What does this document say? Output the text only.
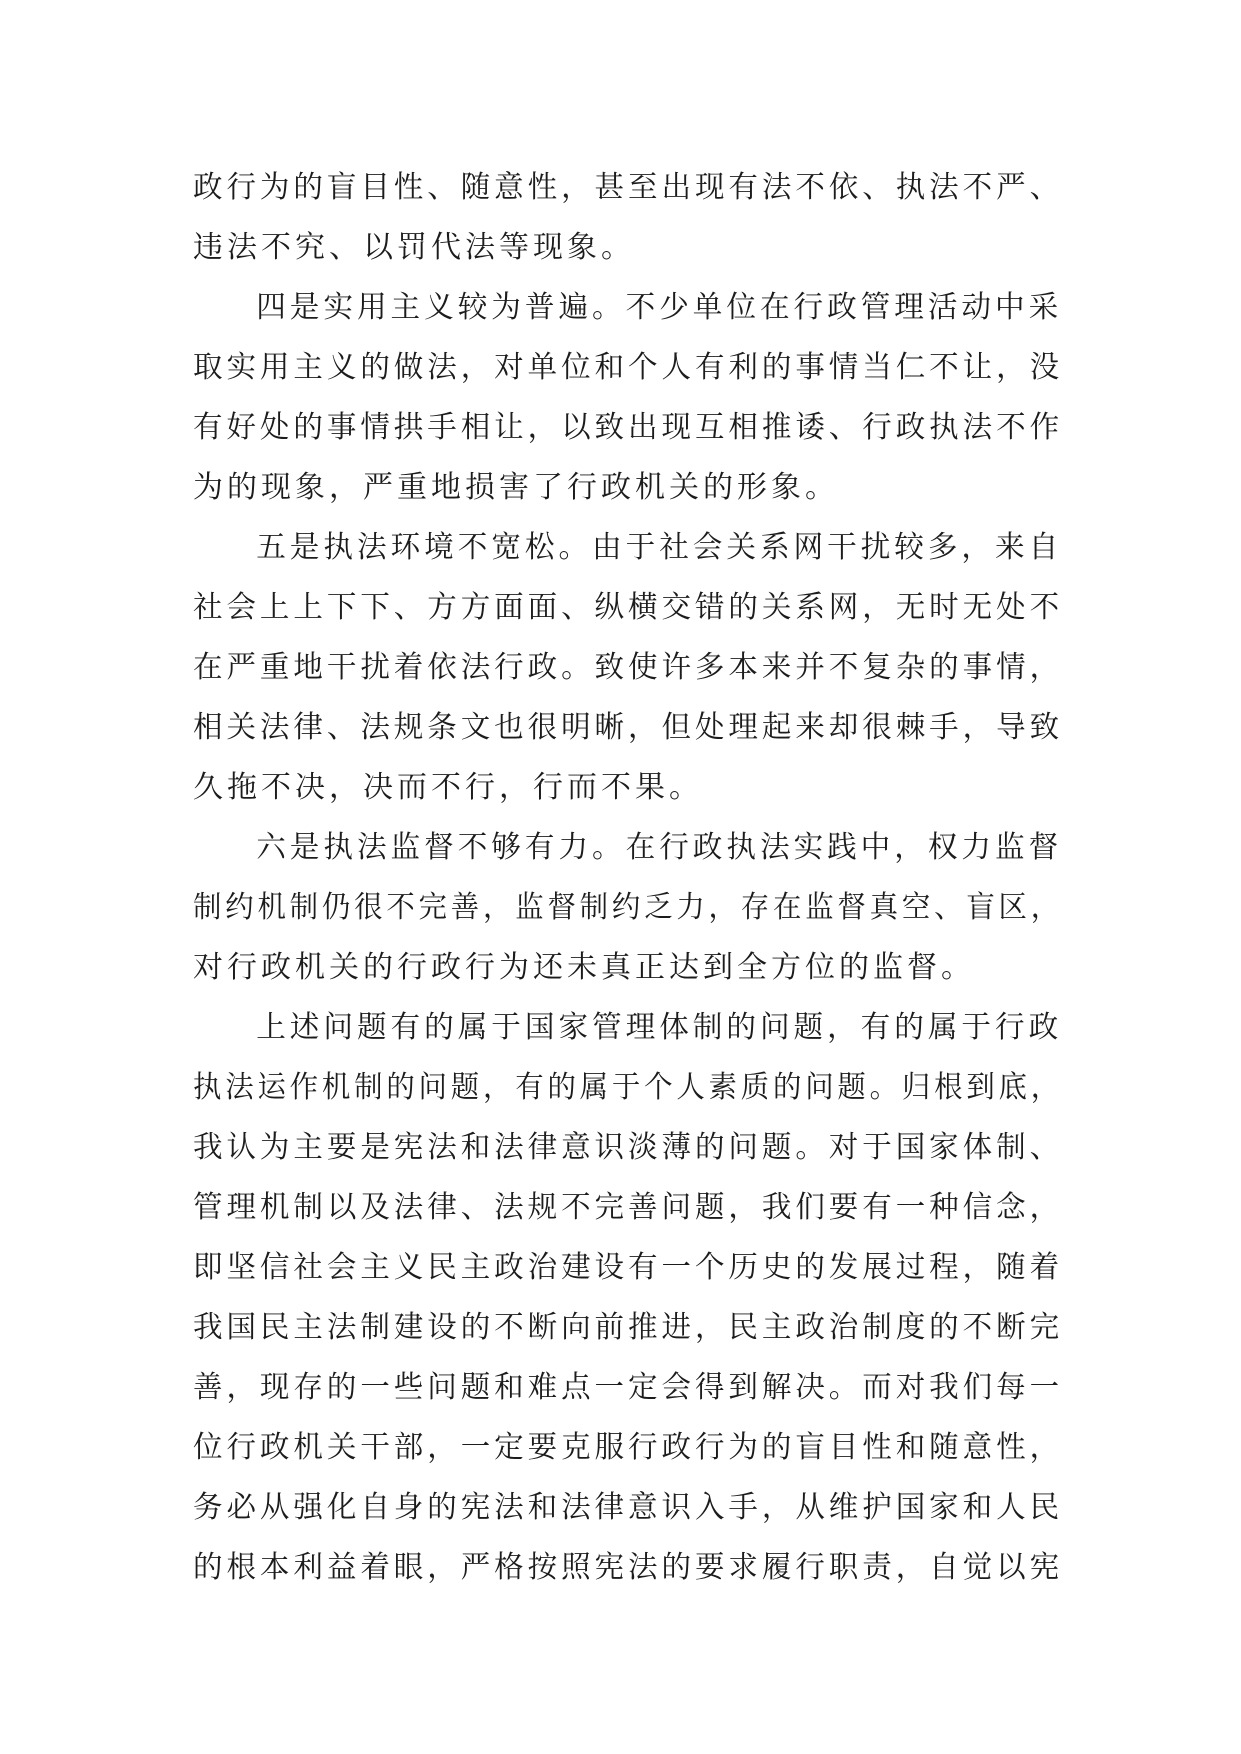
政行为的盲目性、随意性，甚至出现有法不依、执法不严、
违法不究、以罚代法等现象。
四是实用主义较为普遍。不少单位在行政管理活动中采
取实用主义的做法，对单位和个人有利的事情当仁不让，没
有好处的事情拱手相让，以致出现互相推诿、行政执法不作
为的现象，严重地损害了行政机关的形象。
五是执法环境不宽松。由于社会关系网干扰较多，来自
社会上上下下、方方面面、纵横交错的关系网，无时无处不
在严重地干扰着依法行政。致使许多本来并不复杂的事情，
相关法律、法规条文也很明晰，但处理起来却很棘手，导致
久拖不决，决而不行，行而不果。
六是执法监督不够有力。在行政执法实践中，权力监督
制约机制仍很不完善，监督制约乏力，存在监督真空、盲区，
对行政机关的行政行为还未真正达到全方位的监督。
上述问题有的属于国家管理体制的问题，有的属于行政
执法运作机制的问题，有的属于个人素质的问题。归根到底，
我认为主要是宪法和法律意识淡薄的问题。对于国家体制、
管理机制以及法律、法规不完善问题，我们要有一种信念，
即坚信社会主义民主政治建设有一个历史的发展过程，随着
我国民主法制建设的不断向前推进，民主政治制度的不断完
善，现存的一些问题和难点一定会得到解决。而对我们每一
位行政机关干部，一定要克服行政行为的盲目性和随意性，
务必从强化自身的宪法和法律意识入手，从维护国家和人民
的根本利益着眼，严格按照宪法的要求履行职责，自觉以宪
